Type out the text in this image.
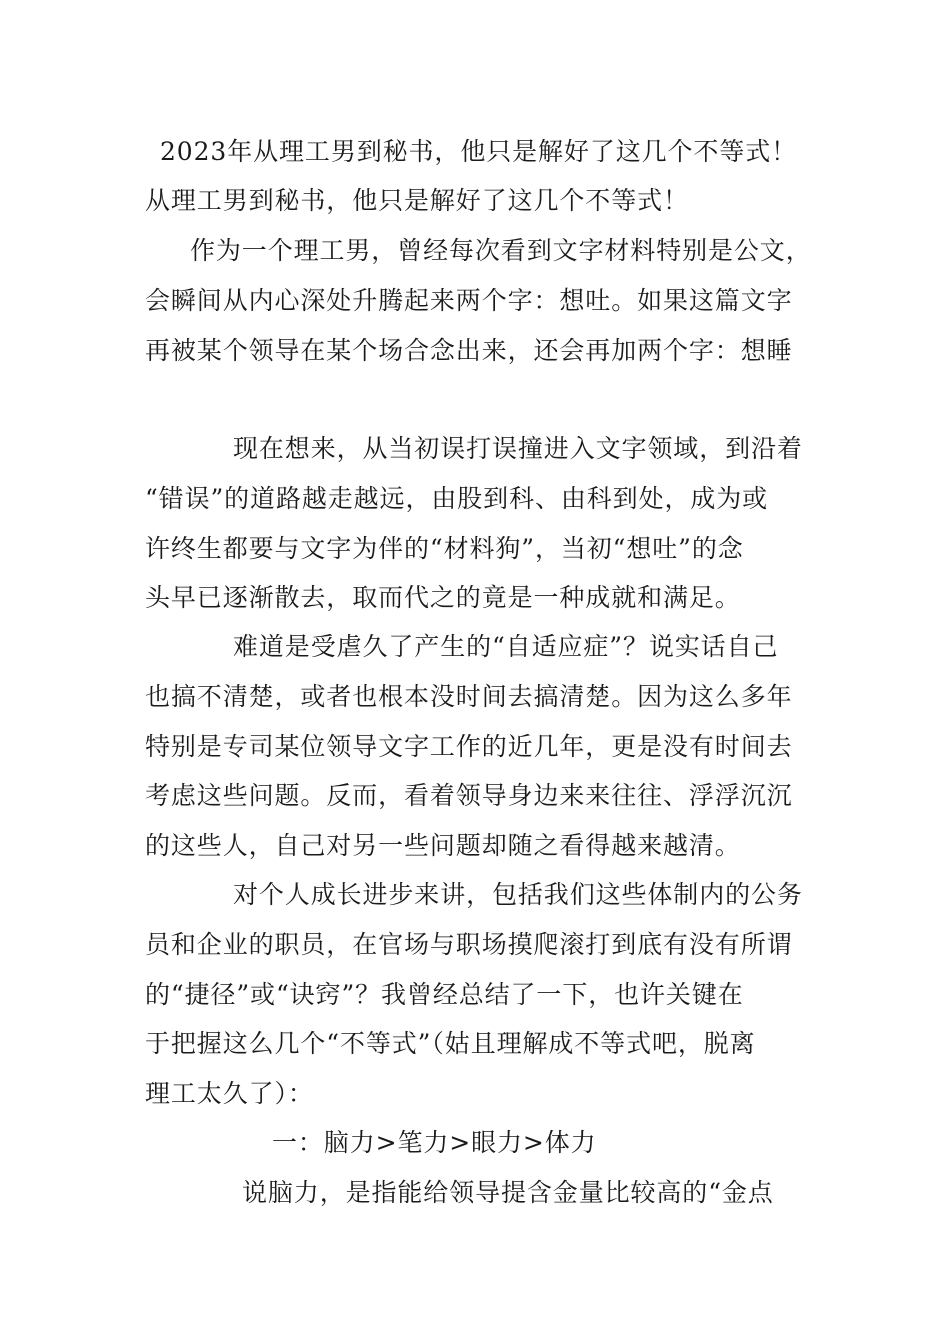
2023年从理工男到秘书，他只是解好了这几个不等式！
从理工男到秘书，他只是解好了这几个不等式！
作为一个理工男，曾经每次看到文字材料特别是公文，
会瞬间从内心深处升腾起来两个字：想吐。如果这篇文字
再被某个领导在某个场合念出来，还会再加两个字：想睡
现在想来，从当初误打误撞进入文字领域，到沿着
“错误”的道路越走越远，由股到科、由科到处，成为或
许终生都要与文字为伴的“材料狗”，当初“想吐”的念
头早已逐渐散去，取而代之的竟是一种成就和满足。
难道是受虐久了产生的“自适应症”？说实话自己
也搞不清楚，或者也根本没时间去搞清楚。因为这么多年
特别是专司某位领导文字工作的近几年，更是没有时间去
考虑这些问题。反而，看着领导身边来来往往、浮浮沉沉
的这些人，自己对另一些问题却随之看得越来越清。
对个人成长进步来讲，包括我们这些体制内的公务
员和企业的职员，在官场与职场摸爬滚打到底有没有所谓
的“捷径”或“诀窍”？我曾经总结了一下，也许关键在
于把握这么几个“不等式”（姑且理解成不等式吧，脱离
理工太久了）：
一：脑力>笔力>眼力>体力
说脑力，是指能给领导提含金量比较高的“金点
